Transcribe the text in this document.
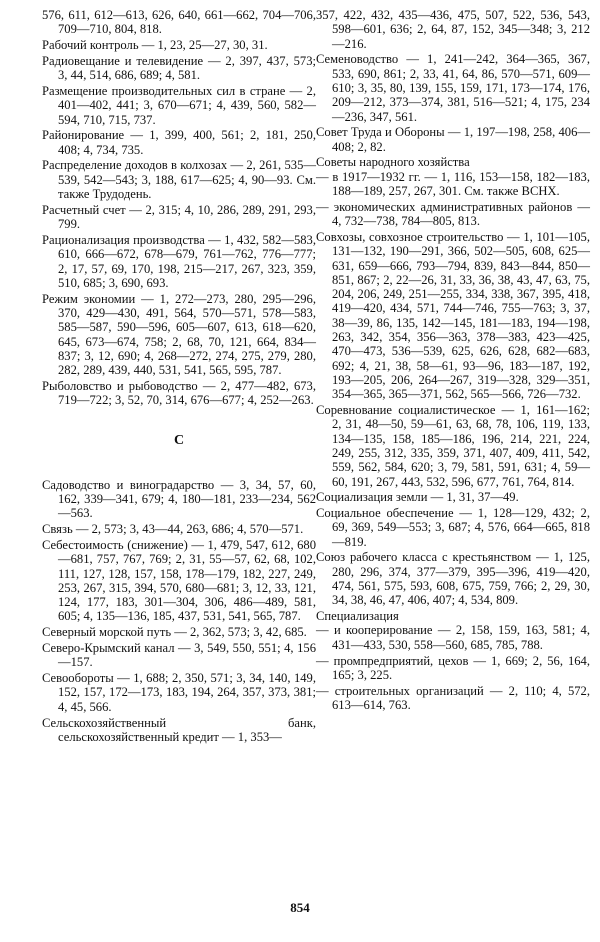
576, 611, 612—613, 626, 640, 661—662, 704—706, 709—710, 804, 818.

Рабочий контроль — 1, 23, 25—27, 30, 31.

Радиовещание и телевидение — 2, 397, 437, 573; 3, 44, 514, 686, 689; 4, 581.

Размещение производительных сил в стране — 2, 401—402, 441; 3, 670—671; 4, 439, 560, 582—594, 710, 715, 737.

Районирование — 1, 399, 400, 561; 2, 181, 250, 408; 4, 734, 735.

Распределение доходов в колхозах — 2, 261, 535—539, 542—543; 3, 188, 617—625; 4, 90—93. См. также Трудодень.

Расчетный счет — 2, 315; 4, 10, 286, 289, 291, 293, 799.

Рационализация производства — 1, 432, 582—583, 610, 666—672, 678—679, 761—762, 776—777; 2, 17, 57, 69, 170, 198, 215—217, 267, 323, 359, 510, 685; 3, 690, 693.

Режим экономии — 1, 272—273, 280, 295—296, 370, 429—430, 491, 564, 570—571, 578—583, 585—587, 590—596, 605—607, 613, 618—620, 645, 673—674, 758; 2, 68, 70, 121, 664, 834—837; 3, 12, 690; 4, 268—272, 274, 275, 279, 280, 282, 289, 439, 440, 531, 541, 565, 595, 787.

Рыболовство и рыбоводство — 2, 477—482, 673, 719—722; 3, 52, 70, 314, 676—677; 4, 252—263.

С

Садоводство и виноградарство — 3, 34, 57, 60, 162, 339—341, 679; 4, 180—181, 233—234, 562—563.

Связь — 2, 573; 3, 43—44, 263, 686; 4, 570—571.

Себестоимость (снижение) — 1, 479, 547, 612, 680—681, 757, 767, 769; 2, 31, 55—57, 62, 68, 102, 111, 127, 128, 157, 158, 178—179, 182, 227, 249, 253, 267, 315, 394, 570, 680—681; 3, 12, 33, 121, 124, 177, 183, 301—304, 306, 486—489, 581, 605; 4, 135—136, 185, 437, 531, 541, 565, 787.

Северный морской путь — 2, 362, 573; 3, 42, 685.

Северо-Крымский канал — 3, 549, 550, 551; 4, 156—157.

Севообороты — 1, 688; 2, 350, 571; 3, 34, 140, 149, 152, 157, 172—173, 183, 194, 264, 357, 373, 381; 4, 45, 566.

Сельскохозяйственный банк, сельскохозяйственный кредит — 1, 353—

357, 422, 432, 435—436, 475, 507, 522, 536, 543, 598—601, 636; 2, 64, 87, 152, 345—348; 3, 212—216.

Семеноводство — 1, 241—242, 364—365, 367, 533, 690, 861; 2, 33, 41, 64, 86, 570—571, 609—610; 3, 35, 80, 139, 155, 159, 171, 173—174, 176, 209—212, 373—374, 381, 516—521; 4, 175, 234—236, 347, 561.

Совет Труда и Обороны — 1, 197—198, 258, 406—408; 2, 82.

Советы народного хозяйства

— в 1917—1932 гг. — 1, 116, 153—158, 182—183, 188—189, 257, 267, 301. См. также ВСНХ.

— экономических административных районов — 4, 732—738, 784—805, 813.

Совхозы, совхозное строительство — 1, 101—105, 131—132, 190—291, 366, 502—505, 608, 625—631, 659—666, 793—794, 839, 843—844, 850—851, 867; 2, 22—26, 31, 33, 36, 38, 43, 47, 63, 75, 204, 206, 249, 251—255, 334, 338, 367, 395, 418, 419—420, 434, 571, 744—746, 755—763; 3, 37, 38—39, 86, 135, 142—145, 181—183, 194—198, 263, 342, 354, 356—363, 378—383, 423—425, 470—473, 536—539, 625, 626, 628, 682—683, 692; 4, 21, 38, 58—61, 93—96, 183—187, 192, 193—205, 206, 264—267, 319—328, 329—351, 354—365, 365—371, 562, 565—566, 726—732.

Соревнование социалистическое — 1, 161—162; 2, 31, 48—50, 59—61, 63, 68, 78, 106, 119, 133, 134—135, 158, 185—186, 196, 214, 221, 224, 249, 255, 312, 335, 359, 371, 407, 409, 411, 542, 559, 562, 584, 620; 3, 79, 581, 591, 631; 4, 59—60, 191, 267, 443, 532, 596, 677, 761, 764, 814.

Социализация земли — 1, 31, 37—49.

Социальное обеспечение — 1, 128—129, 432; 2, 69, 369, 549—553; 3, 687; 4, 576, 664—665, 818—819.

Союз рабочего класса с крестьянством — 1, 125, 280, 296, 374, 377—379, 395—396, 419—420, 474, 561, 575, 593, 608, 675, 759, 766; 2, 29, 30, 34, 38, 46, 47, 406, 407; 4, 534, 809.

Специализация

— и кооперирование — 2, 158, 159, 163, 581; 4, 431—433, 530, 558—560, 685, 785, 788.

— промпредприятий, цехов — 1, 669; 2, 56, 164, 165; 3, 225.

— строительных организаций — 2, 110; 4, 572, 613—614, 763.

854
